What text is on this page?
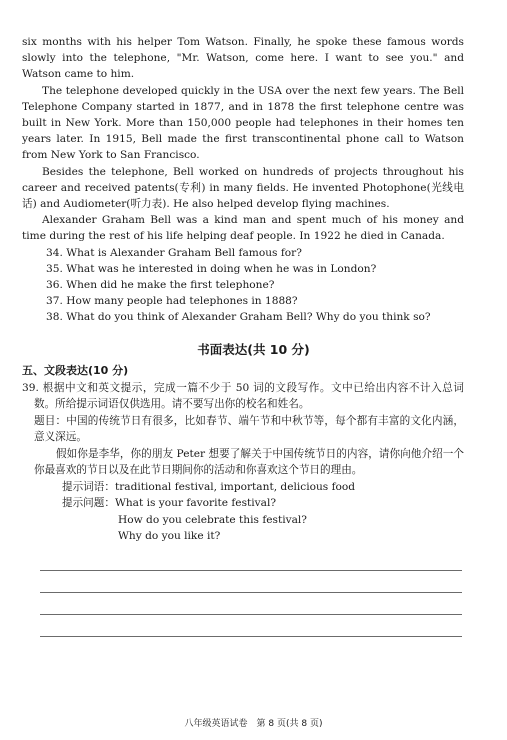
six months with his helper Tom Watson. Finally, he spoke these famous words slowly into the telephone, "Mr. Watson, come here. I want to see you." and Watson came to him.

The telephone developed quickly in the USA over the next few years. The Bell Telephone Company started in 1877, and in 1878 the first telephone centre was built in New York. More than 150,000 people had telephones in their homes ten years later. In 1915, Bell made the first transcontinental phone call to Watson from New York to San Francisco.

Besides the telephone, Bell worked on hundreds of projects throughout his career and received patents(专利) in many fields. He invented Photophone(光线电话) and Audiometer(听力表). He also helped develop flying machines.

Alexander Graham Bell was a kind man and spent much of his money and time during the rest of his life helping deaf people. In 1922 he died in Canada.

34. What is Alexander Graham Bell famous for?

35. What was he interested in doing when he was in London?

36. When did he make the first telephone?

37. How many people had telephones in 1888?

38. What do you think of Alexander Graham Bell? Why do you think so?

书面表达(共 10 分)

五、文段表达(10 分)

39. 根据中文和英文提示，完成一篇不少于 50 词的文段写作。文中已给出内容不计入总词数。所给提示词语仅供选用。请不要写出你的校名和姓名。

题目：中国的传统节日有很多，比如春节、端午节和中秋节等，每个都有丰富的文化内涵，意义深远。

假如你是李华，你的朋友 Peter 想要了解关于中国传统节日的内容，请你向他介绍一个你最喜欢的节日以及在此节日期间你的活动和你喜欢这个节日的理由。

提示词语：traditional festival, important, delicious food

提示问题：What is your favorite festival?

How do you celebrate this festival?

Why do you like it?

八年级英语试卷　第 8 页(共 8 页)
